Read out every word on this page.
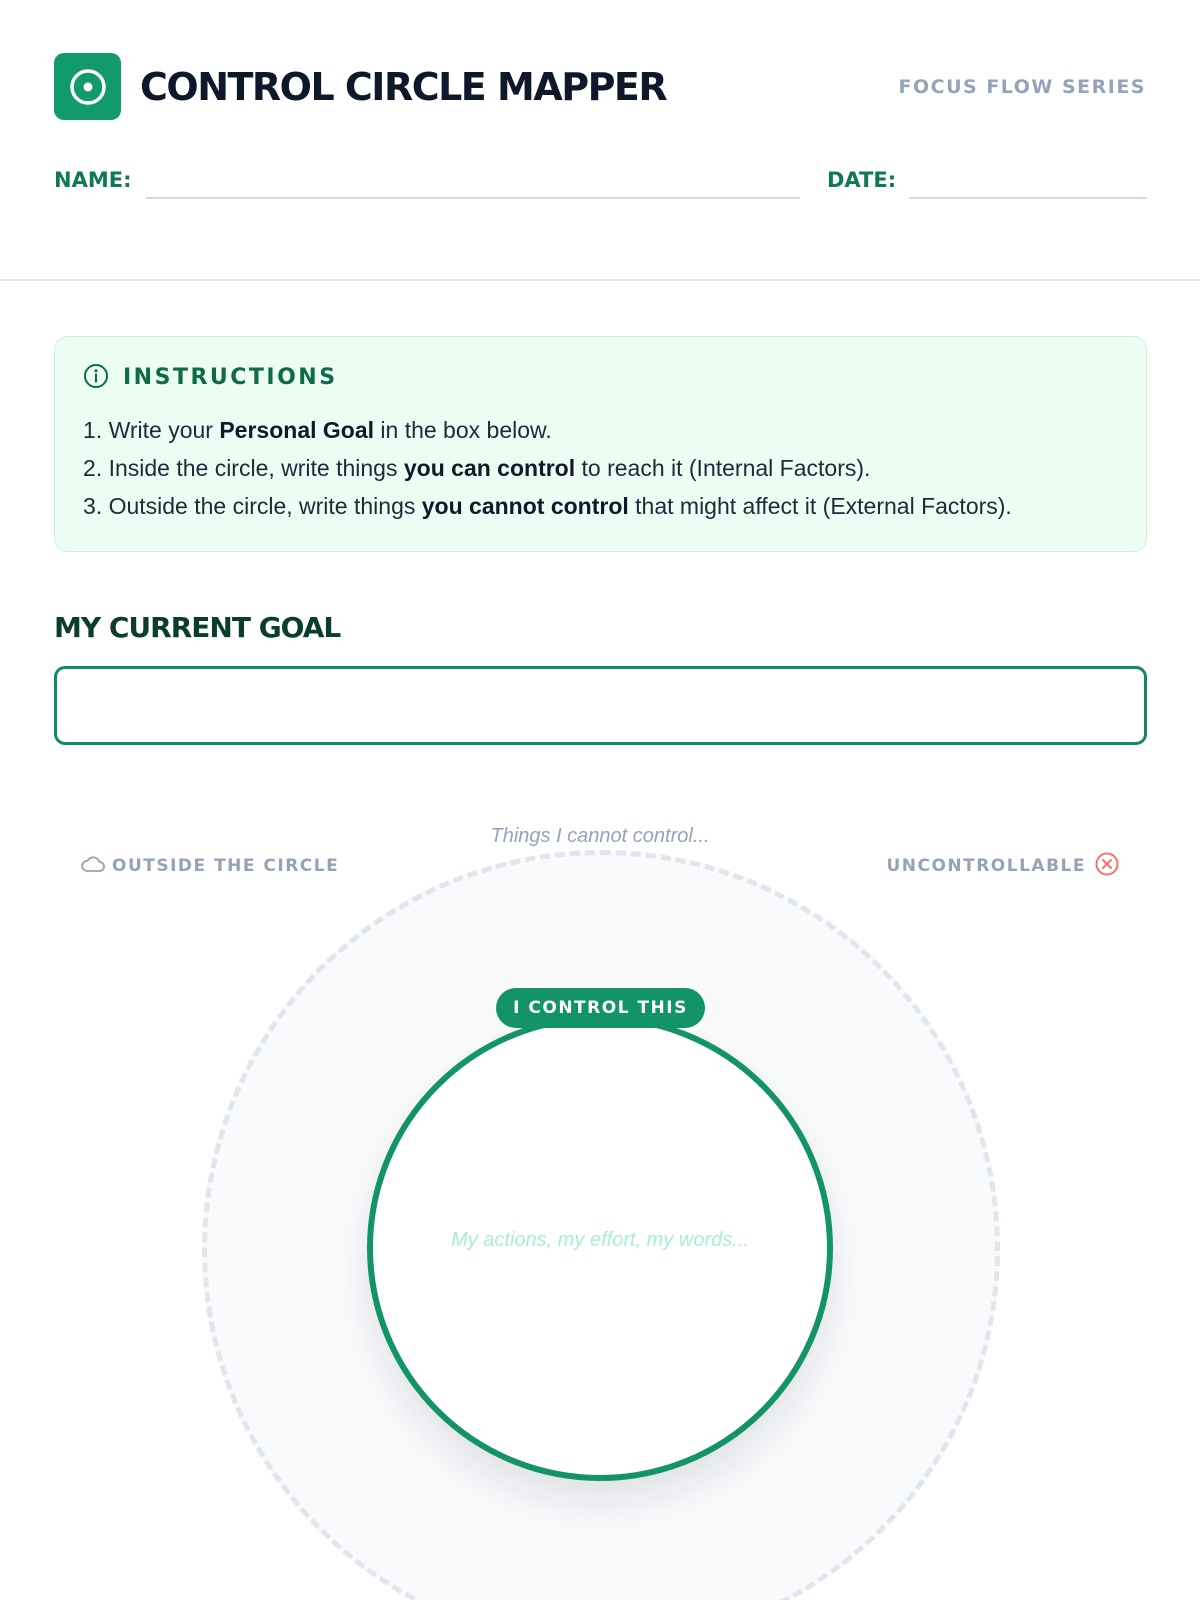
CONTROL CIRCLE MAPPER	FOCUS FLOW SERIES
NAME:	DATE:
INSTRUCTIONS
1. Write your Personal Goal in the box below.
2. Inside the circle, write things you can control to reach it (Internal Factors).
3. Outside the circle, write things you cannot control that might affect it (External Factors).
MY CURRENT GOAL
Things I cannot control...
OUTSIDE THE CIRCLE	UNCONTROLLABLE
I CONTROL THIS
My actions, my effort, my words...
